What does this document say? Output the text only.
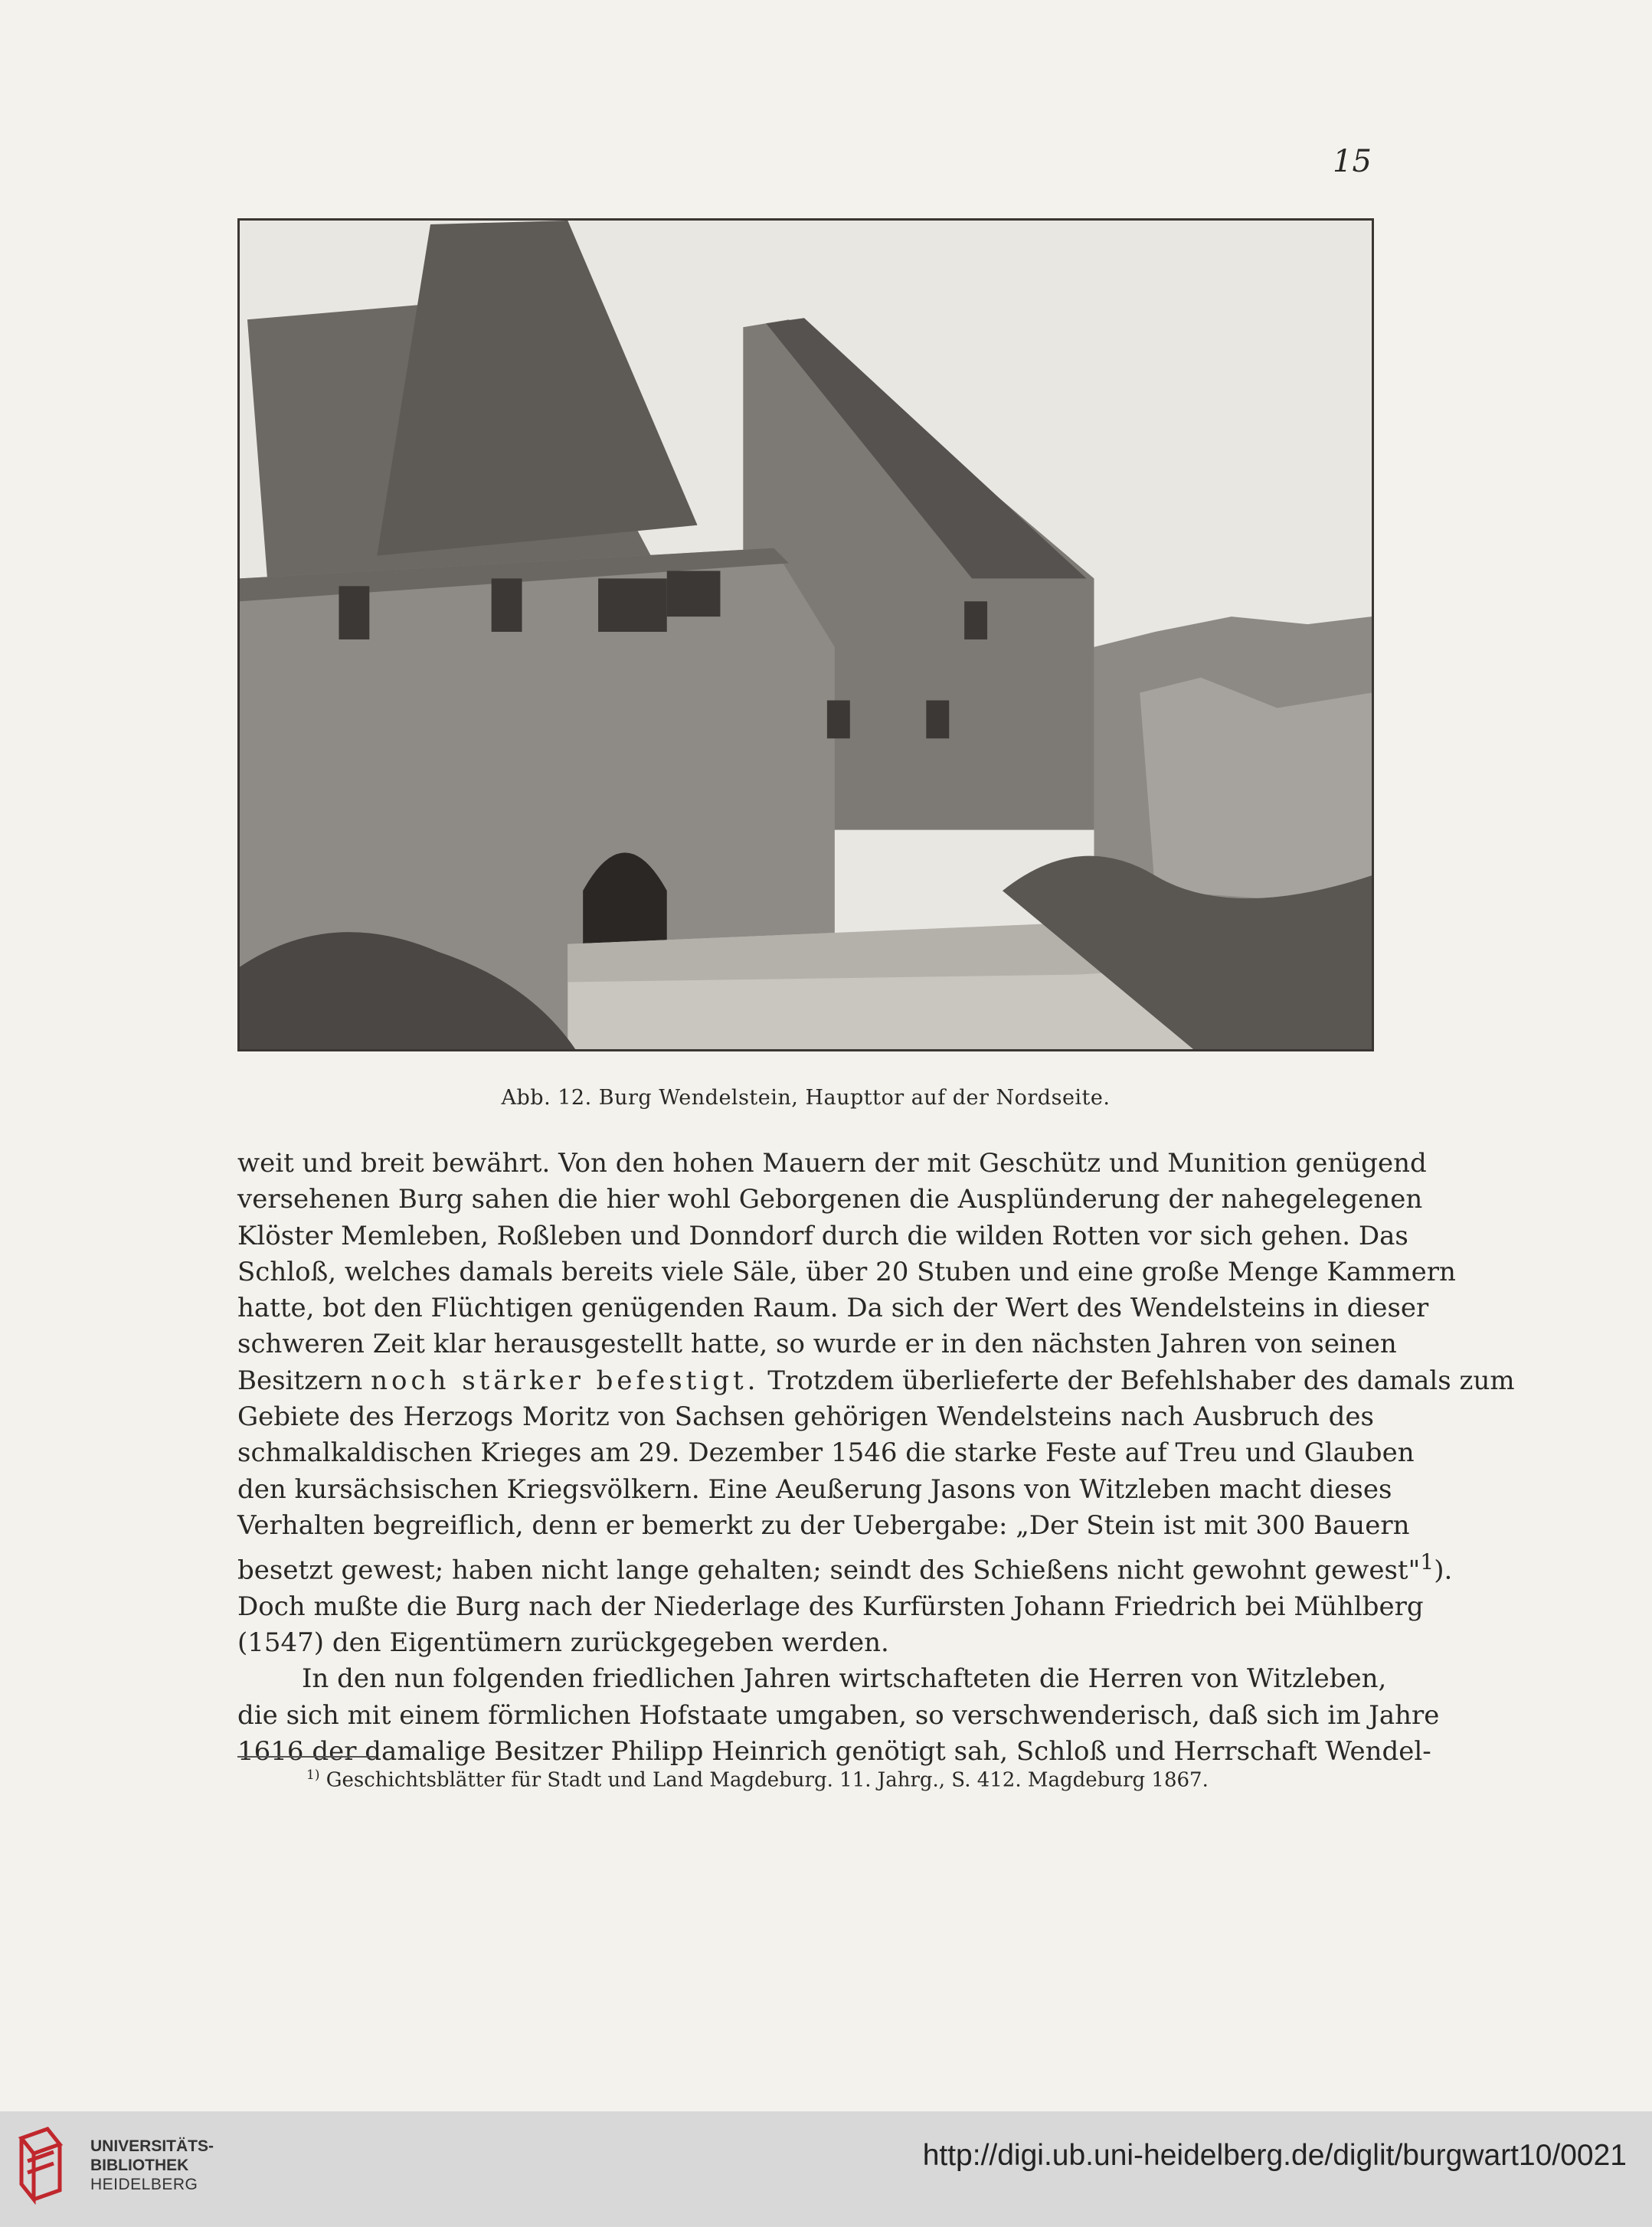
15
Abb. 12. Burg Wendelstein, Haupttor auf der Nordseite.
weit und breit bewährt. Von den hohen Mauern der mit Geschütz und Munition genügend
versehenen Burg sahen die hier wohl Geborgenen die Ausplünderung der nahegelegenen
Klöster Memleben, Roßleben und Donndorf durch die wilden Rotten vor sich gehen. Das
Schloß, welches damals bereits viele Säle, über 20 Stuben und eine große Menge Kammern
hatte, bot den Flüchtigen genügenden Raum. Da sich der Wert des Wendelsteins in dieser
schweren Zeit klar herausgestellt hatte, so wurde er in den nächsten Jahren von seinen
Besitzern noch stärker befestigt. Trotzdem überlieferte der Befehlshaber des damals zum
Gebiete des Herzogs Moritz von Sachsen gehörigen Wendelsteins nach Ausbruch des
schmalkaldischen Krieges am 29. Dezember 1546 die starke Feste auf Treu und Glauben
den kursächsischen Kriegsvölkern. Eine Aeußerung Jasons von Witzleben macht dieses
Verhalten begreiflich, denn er bemerkt zu der Uebergabe: „Der Stein ist mit 300 Bauern
besetzt gewest; haben nicht lange gehalten; seindt des Schießens nicht gewohnt gewest"$^1$).
Doch mußte die Burg nach der Niederlage des Kurfürsten Johann Friedrich bei Mühlberg
(1547) den Eigentümern zurückgegeben werden.
In den nun folgenden friedlichen Jahren wirtschafteten die Herren von Witzleben,
die sich mit einem förmlichen Hofstaate umgaben, so verschwenderisch, daß sich im Jahre
1616 der damalige Besitzer Philipp Heinrich genötigt sah, Schloß und Herrschaft Wendel-
$^{1)}$ Geschichtsblätter für Stadt und Land Magdeburg. 11. Jahrg., S. 412. Magdeburg 1867.
UNIVERSITÄTS-
BIBLIOTHEK
HEIDELBERG
http://digi.ub.uni-heidelberg.de/diglit/burgwart10/0021
